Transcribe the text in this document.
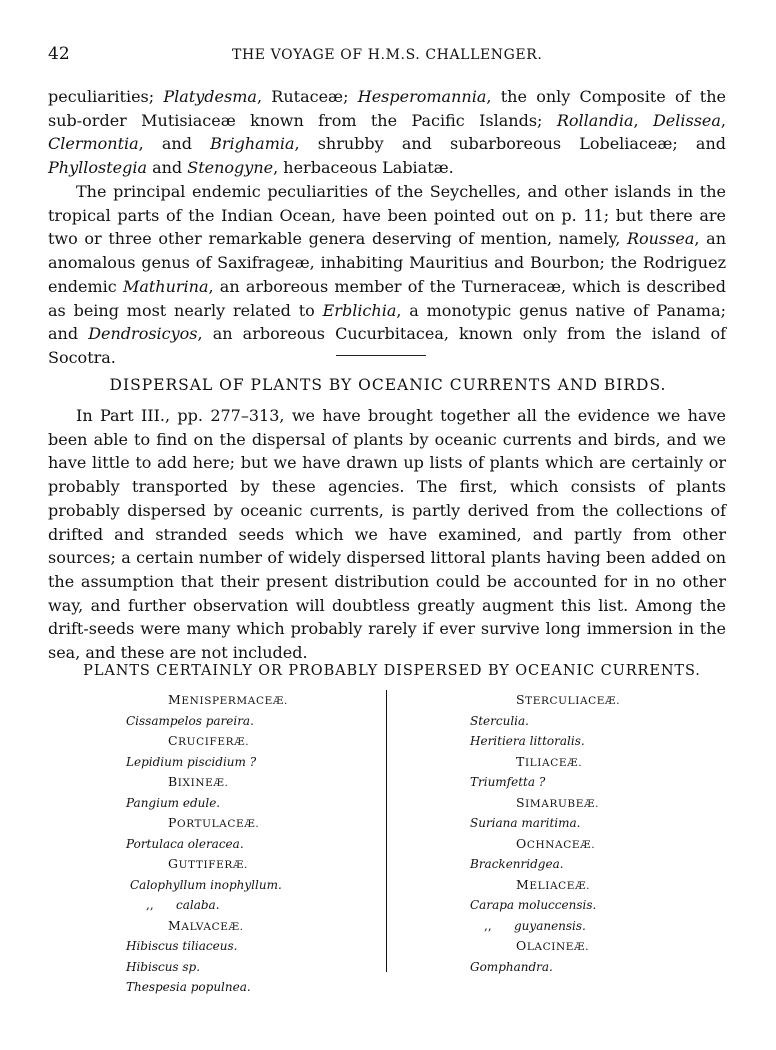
42	THE VOYAGE OF H.M.S. CHALLENGER.

peculiarities; Platydesma, Rutaceæ; Hesperomannia, the only Composite of the sub-order Mutisiaceæ known from the Pacific Islands; Rollandia, Delissea, Clermontia, and Brighamia, shrubby and subarboreous Lobeliaceæ; and Phyllostegia and Stenogyne, herbaceous Labiatæ.

The principal endemic peculiarities of the Seychelles, and other islands in the tropical parts of the Indian Ocean, have been pointed out on p. 11; but there are two or three other remarkable genera deserving of mention, namely, Roussea, an anomalous genus of Saxifrageæ, inhabiting Mauritius and Bourbon; the Rodriguez endemic Mathurina, an arboreous member of the Turneraceæ, which is described as being most nearly related to Erblichia, a monotypic genus native of Panama; and Dendrosicyos, an arboreous Cucurbitacea, known only from the island of Socotra.

DISPERSAL OF PLANTS BY OCEANIC CURRENTS AND BIRDS.

In Part III., pp. 277–313, we have brought together all the evidence we have been able to find on the dispersal of plants by oceanic currents and birds, and we have little to add here; but we have drawn up lists of plants which are certainly or probably transported by these agencies. The first, which consists of plants probably dispersed by oceanic currents, is partly derived from the collections of drifted and stranded seeds which we have examined, and partly from other sources; a certain number of widely dispersed littoral plants having been added on the assumption that their present distribution could be accounted for in no other way, and further observation will doubtless greatly augment this list. Among the drift-seeds were many which probably rarely if ever survive long immersion in the sea, and these are not included.

PLANTS CERTAINLY OR PROBABLY DISPERSED BY OCEANIC CURRENTS.
MENISPERMACEÆ.
Cissampelos pareira.
CRUCIFERÆ.
Lepidium piscidium ?
BIXINEÆ.
Pangium edule.
PORTULACEÆ.
Portulaca oleracea.
GUTTIFERÆ.
Calophyllum inophyllum.
,, calaba.
MALVACEÆ.
Hibiscus tiliaceus.
Hibiscus sp.
Thespesia populnea.
STERCULIACEÆ.
Sterculia.
Heritiera littoralis.
TILIACEÆ.
Triumfetta ?
SIMARUBEÆ.
Suriana maritima.
OCHNACEÆ.
Brackenridgea.
MELIACEÆ.
Carapa moluccensis.
,, guyanensis.
OLACINEÆ.
Gomphandra.
